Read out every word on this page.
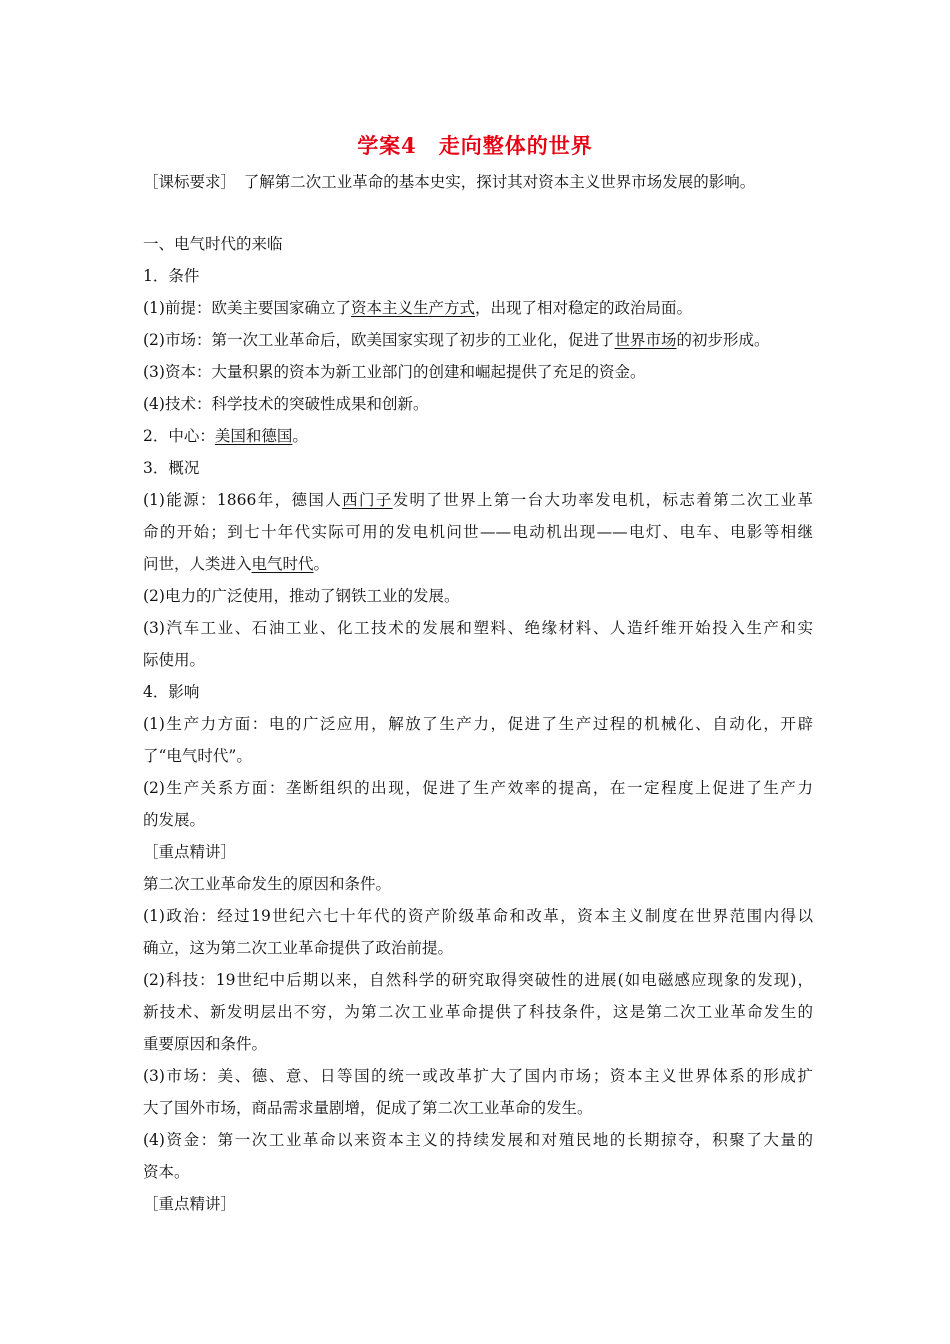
学案4　走向整体的世界
［课标要求］　了解第二次工业革命的基本史实，探讨其对资本主义世界市场发展的影响。
一、电气时代的来临
1．条件
(1)前提：欧美主要国家确立了资本主义生产方式，出现了相对稳定的政治局面。
(2)市场：第一次工业革命后，欧美国家实现了初步的工业化，促进了世界市场的初步形成。
(3)资本：大量积累的资本为新工业部门的创建和崛起提供了充足的资金。
(4)技术：科学技术的突破性成果和创新。
2．中心：美国和德国。
3．概况
(1)能源：1866年，德国人西门子发明了世界上第一台大功率发电机，标志着第二次工业革
命的开始；到七十年代实际可用的发电机问世——电动机出现——电灯、电车、电影等相继
问世，人类进入电气时代。
(2)电力的广泛使用，推动了钢铁工业的发展。
(3)汽车工业、石油工业、化工技术的发展和塑料、绝缘材料、人造纤维开始投入生产和实
际使用。
4．影响
(1)生产力方面：电的广泛应用，解放了生产力，促进了生产过程的机械化、自动化，开辟
了“电气时代”。
(2)生产关系方面：垄断组织的出现，促进了生产效率的提高，在一定程度上促进了生产力
的发展。
［重点精讲］
第二次工业革命发生的原因和条件。
(1)政治：经过19世纪六七十年代的资产阶级革命和改革，资本主义制度在世界范围内得以
确立，这为第二次工业革命提供了政治前提。
(2)科技：19世纪中后期以来，自然科学的研究取得突破性的进展(如电磁感应现象的发现)，
新技术、新发明层出不穷，为第二次工业革命提供了科技条件，这是第二次工业革命发生的
重要原因和条件。
(3)市场：美、德、意、日等国的统一或改革扩大了国内市场；资本主义世界体系的形成扩
大了国外市场，商品需求量剧增，促成了第二次工业革命的发生。
(4)资金：第一次工业革命以来资本主义的持续发展和对殖民地的长期掠夺，积聚了大量的
资本。
［重点精讲］
